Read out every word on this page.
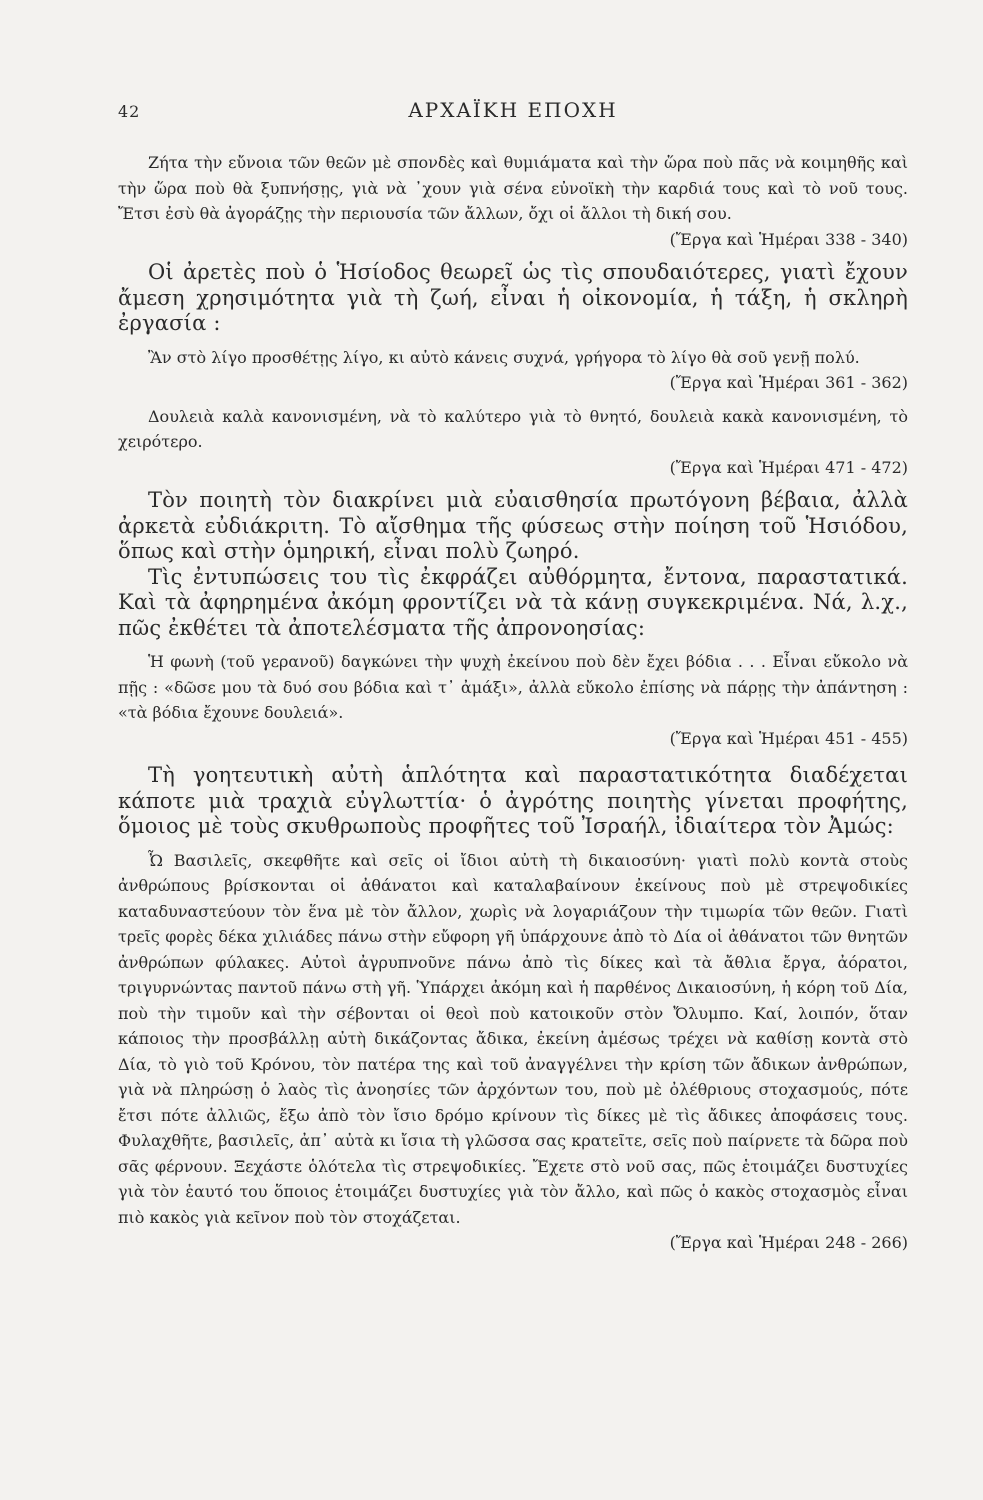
42	ΑΡΧΑΪΚΗ ΕΠΟΧΗ

Ζήτα τὴν εὔνοια τῶν θεῶν μὲ σπονδὲς καὶ θυμιάματα καὶ τὴν ὥρα ποὺ πᾶς νὰ κοιμηθῆς καὶ τὴν ὥρα ποὺ θὰ ξυπνήσῃς, γιὰ νὰ ᾽χουν γιὰ σένα εὐνοϊκὴ τὴν καρδιά τους καὶ τὸ νοῦ τους. Ἔτσι ἐσὺ θὰ ἀγοράζῃς τὴν περιουσία τῶν ἄλλων, ὄχι οἱ ἄλλοι τὴ δική σου.

(Ἔργα καὶ Ἡμέραι 338 - 340)

Οἱ ἀρετὲς ποὺ ὁ Ἡσίοδος θεωρεῖ ὡς τὶς σπουδαιότερες, γιατὶ ἔχουν ἄμεση χρησιμότητα γιὰ τὴ ζωή, εἶναι ἡ οἰκονομία, ἡ τάξη, ἡ σκληρὴ ἐργασία :

Ἂν στὸ λίγο προσθέτῃς λίγο, κι αὐτὸ κάνεις συχνά, γρήγορα τὸ λίγο θὰ σοῦ γενῇ πολύ.

(Ἔργα καὶ Ἡμέραι 361 - 362)

Δουλειὰ καλὰ κανονισμένη, νὰ τὸ καλύτερο γιὰ τὸ θνητό, δουλειὰ κακὰ κανονισμένη, τὸ χειρότερο.

(Ἔργα καὶ Ἡμέραι 471 - 472)

Τὸν ποιητὴ τὸν διακρίνει μιὰ εὐαισθησία πρωτόγονη βέβαια, ἀλλὰ ἀρκετὰ εὐδιάκριτη. Τὸ αἴσθημα τῆς φύσεως στὴν ποίηση τοῦ Ἡσιόδου, ὅπως καὶ στὴν ὁμηρική, εἶναι πολὺ ζωηρό.

Τὶς ἐντυπώσεις του τὶς ἐκφράζει αὐθόρμητα, ἔντονα, παραστατικά. Καὶ τὰ ἀφηρημένα ἀκόμη φροντίζει νὰ τὰ κάνῃ συγκεκριμένα. Νά, λ.χ., πῶς ἐκθέτει τὰ ἀποτελέσματα τῆς ἀπρονοησίας:

Ἡ φωνὴ (τοῦ γερανοῦ) δαγκώνει τὴν ψυχὴ ἐκείνου ποὺ δὲν ἔχει βόδια . . . Εἶναι εὔκολο νὰ πῇς : «δῶσε μου τὰ δυό σου βόδια καὶ τ᾽ ἀμάξι», ἀλλὰ εὔκολο ἐπίσης νὰ πάρῃς τὴν ἀπάντηση : «τὰ βόδια ἔχουνε δουλειά».

(Ἔργα καὶ Ἡμέραι 451 - 455)

Τὴ γοητευτικὴ αὐτὴ ἁπλότητα καὶ παραστατικότητα διαδέχεται κάποτε μιὰ τραχιὰ εὐγλωττία· ὁ ἀγρότης ποιητὴς γίνεται προφήτης, ὅμοιος μὲ τοὺς σκυθρωποὺς προφῆτες τοῦ Ἰσραήλ, ἰδιαίτερα τὸν Ἀμώς:

Ὦ Βασιλεῖς, σκεφθῆτε καὶ σεῖς οἱ ἴδιοι αὐτὴ τὴ δικαιοσύνη· γιατὶ πολὺ κοντὰ στοὺς ἀνθρώπους βρίσκονται οἱ ἀθάνατοι καὶ καταλαβαίνουν ἐκείνους ποὺ μὲ στρεψοδικίες καταδυναστεύουν τὸν ἕνα μὲ τὸν ἄλλον, χωρὶς νὰ λογαριάζουν τὴν τιμωρία τῶν θεῶν. Γιατὶ τρεῖς φορὲς δέκα χιλιάδες πάνω στὴν εὔφορη γῆ ὑπάρχουνε ἀπὸ τὸ Δία οἱ ἀθάνατοι τῶν θνητῶν ἀνθρώπων φύλακες. Αὐτοὶ ἀγρυπνοῦνε πάνω ἀπὸ τὶς δίκες καὶ τὰ ἄθλια ἔργα, ἀόρατοι, τριγυρνώντας παντοῦ πάνω στὴ γῆ. Ὑπάρχει ἀκόμη καὶ ἡ παρθένος Δικαιοσύνη, ἡ κόρη τοῦ Δία, ποὺ τὴν τιμοῦν καὶ τὴν σέβονται οἱ θεοὶ ποὺ κατοικοῦν στὸν Ὄλυμπο. Καί, λοιπόν, ὅταν κάποιος τὴν προσβάλλῃ αὐτὴ δικάζοντας ἄδικα, ἐκείνη ἀμέσως τρέχει νὰ καθίσῃ κοντὰ στὸ Δία, τὸ γιὸ τοῦ Κρόνου, τὸν πατέρα της καὶ τοῦ ἀναγγέλνει τὴν κρίση τῶν ἄδικων ἀνθρώπων, γιὰ νὰ πληρώσῃ ὁ λαὸς τὶς ἀνοησίες τῶν ἀρχόντων του, ποὺ μὲ ὀλέθριους στοχασμούς, πότε ἔτσι πότε ἀλλιῶς, ἔξω ἀπὸ τὸν ἴσιο δρόμο κρίνουν τὶς δίκες μὲ τὶς ἄδικες ἀποφάσεις τους. Φυλαχθῆτε, βασιλεῖς, ἀπ᾽ αὐτὰ κι ἴσια τὴ γλῶσσα σας κρατεῖτε, σεῖς ποὺ παίρνετε τὰ δῶρα ποὺ σᾶς φέρνουν. Ξεχάστε ὁλότελα τὶς στρεψοδικίες. Ἔχετε στὸ νοῦ σας, πῶς ἑτοιμάζει δυστυχίες γιὰ τὸν ἑαυτό του ὅποιος ἑτοιμάζει δυστυχίες γιὰ τὸν ἄλλο, καὶ πῶς ὁ κακὸς στοχασμὸς εἶναι πιὸ κακὸς γιὰ κεῖνον ποὺ τὸν στοχάζεται.

(Ἔργα καὶ Ἡμέραι 248 - 266)
